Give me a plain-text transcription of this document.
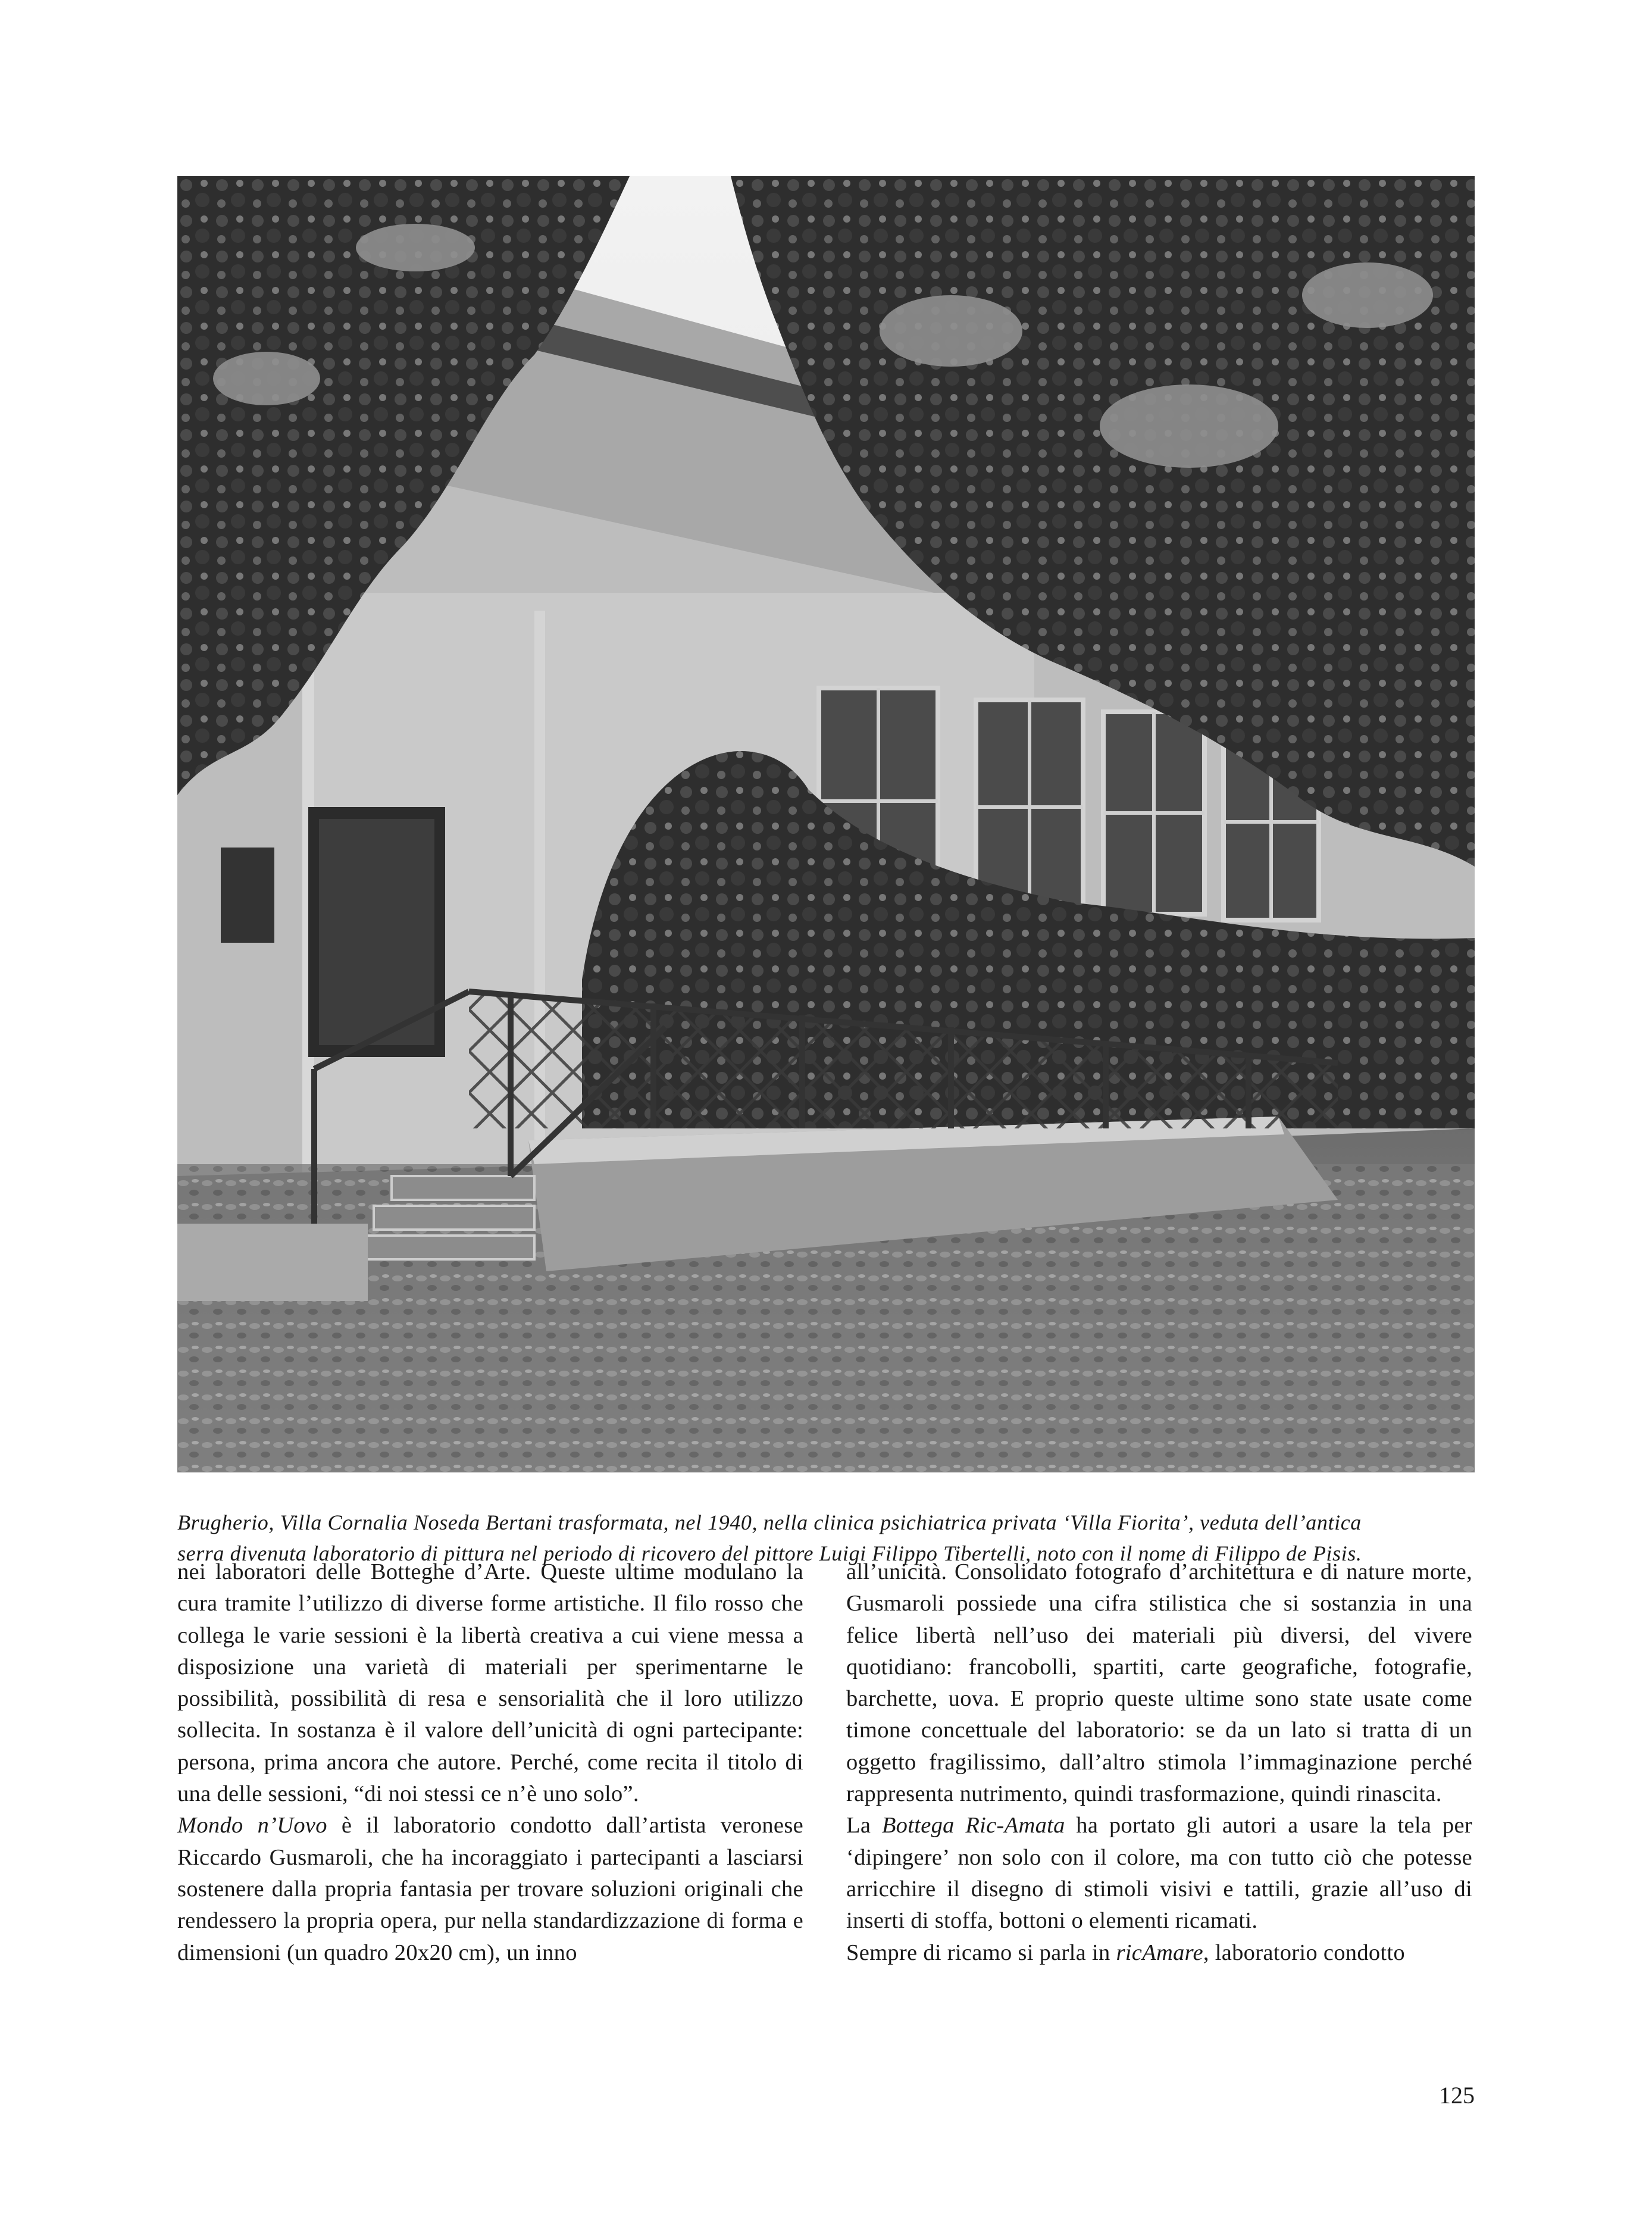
Brugherio, Villa Cornalia Noseda Bertani trasformata, nel 1940, nella clinica psichiatrica privata ‘Villa Fiorita’, veduta dell’antica

serra divenuta laboratorio di pittura nel periodo di ricovero del pittore Luigi Filippo Tibertelli, noto con il nome di Filippo de Pisis.

nei laboratori delle Botteghe d’Arte. Queste ultime modulano la cura tramite l’utilizzo di diverse forme artistiche. Il filo rosso che collega le varie sessioni è la libertà creativa a cui viene messa a disposizione una varietà di materiali per sperimentarne le possibilità, possibilità di resa e sensorialità che il loro utilizzo sollecita. In sostanza è il valore dell’unicità di ogni partecipante: persona, prima ancora che autore. Perché, come recita il titolo di una delle sessioni, “di noi stessi ce n’è uno solo”.

Mondo n’Uovo è il laboratorio condotto dall’artista veronese Riccardo Gusmaroli, che ha incoraggiato i partecipanti a lasciarsi sostenere dalla propria fantasia per trovare soluzioni originali che rendessero la propria opera, pur nella standardizzazione di forma e dimensioni (un quadro 20x20 cm), un inno

all’unicità. Consolidato fotografo d’architettura e di nature morte, Gusmaroli possiede una cifra stilistica che si sostanzia in una felice libertà nell’uso dei materiali più diversi, del vivere quotidiano: francobolli, spartiti, carte geografiche, fotografie, barchette, uova. E proprio queste ultime sono state usate come timone concettuale del laboratorio: se da un lato si tratta di un oggetto fragilissimo, dall’altro stimola l’immaginazione perché rappresenta nutrimento, quindi trasformazione, quindi rinascita.

La Bottega Ric-Amata ha portato gli autori a usare la tela per ‘dipingere’ non solo con il colore, ma con tutto ciò che potesse arricchire il disegno di stimoli visivi e tattili, grazie all’uso di inserti di stoffa, bottoni o elementi ricamati.

Sempre di ricamo si parla in ricAmare, laboratorio condotto

125
